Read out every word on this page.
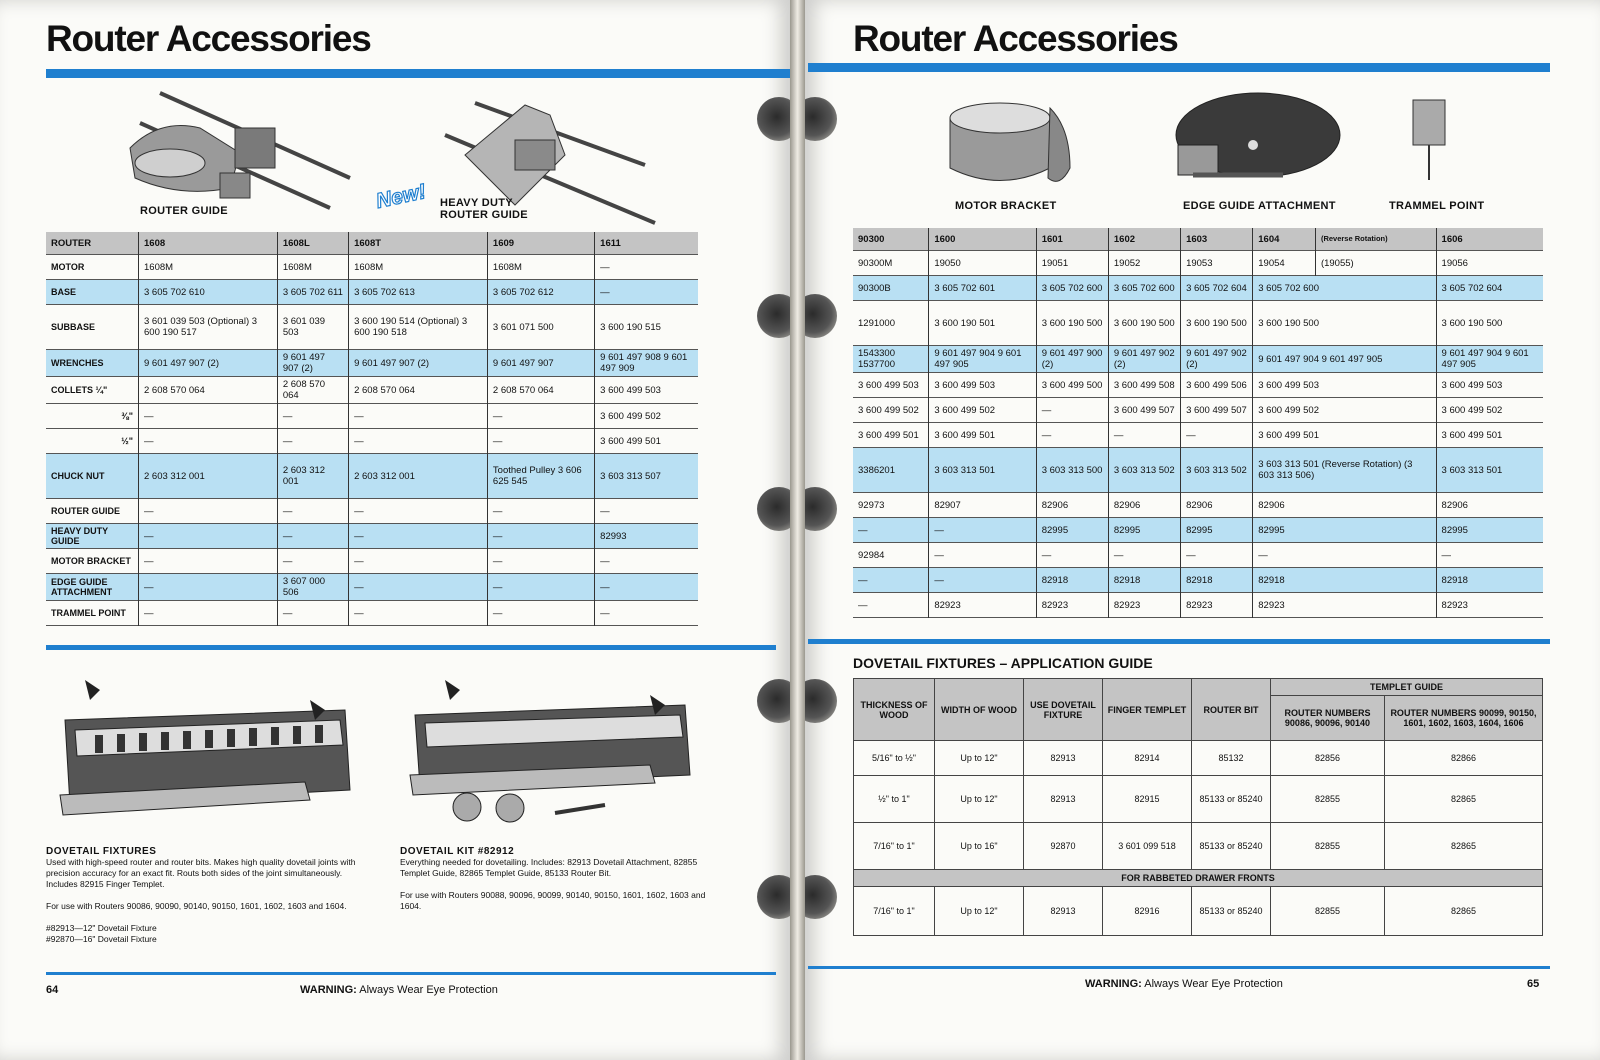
Router Accessories
ROUTER GUIDE	New! HEAVY DUTY ROUTER GUIDE
ROUTER	1608	1608L	1608T	1609	1611
MOTOR	1608M	1608M	1608M	1608M	—
BASE	3 605 702 610	3 605 702 611	3 605 702 613	3 605 702 612	—
SUBBASE	3 601 039 503 (Optional) 3 600 190 517	3 601 039 503	3 600 190 514 (Optional) 3 600 190 518	3 601 071 500	3 600 190 515
WRENCHES	9 601 497 907 (2)	9 601 497 907 (2)	9 601 497 907 (2)	9 601 497 907	9 601 497 908 9 601 497 909
COLLETS ¼"	2 608 570 064	2 608 570 064	2 608 570 064	2 608 570 064	3 600 499 503
⅜"	—	—	—	—	3 600 499 502
½"	—	—	—	—	3 600 499 501
CHUCK NUT	2 603 312 001	2 603 312 001	2 603 312 001	Toothed Pulley 3 606 625 545	3 603 313 507
ROUTER GUIDE	—	—	—	—	—
HEAVY DUTY GUIDE	—	—	—	—	82993
MOTOR BRACKET	—	—	—	—	—
EDGE GUIDE ATTACHMENT	—	3 607 000 506	—	—	—
TRAMMEL POINT	—	—	—	—	—
DOVETAIL FIXTURES
Used with high-speed router and router bits. Makes high quality dovetail joints with precision accuracy for an exact fit. Routs both sides of the joint simultaneously. Includes 82915 Finger Templet.

For use with Routers 90086, 90090, 90140, 90150, 1601, 1602, 1603 and 1604.

#82913—12" Dovetail Fixture
#92870—16" Dovetail Fixture
DOVETAIL KIT #82912
Everything needed for dovetailing. Includes: 82913 Dovetail Attachment, 82855 Templet Guide, 82865 Templet Guide, 85133 Router Bit.

For use with Routers 90088, 90096, 90099, 90140, 90150, 1601, 1602, 1603 and 1604.
64	WARNING: Always Wear Eye Protection
Router Accessories
MOTOR BRACKET	EDGE GUIDE ATTACHMENT	TRAMMEL POINT
90300	1600	1601	1602	1603	1604	(Reverse Rotation)	1606
90300M	19050	19051	19052	19053	19054	(19055)	19056
90300B	3 605 702 601	3 605 702 600	3 605 702 600	3 605 702 604	3 605 702 600		3 605 702 604
1291000	3 600 190 501	3 600 190 500	3 600 190 500	3 600 190 500	3 600 190 500		3 600 190 500
1543300 1537700	9 601 497 904 9 601 497 905	9 601 497 900 (2)	9 601 497 902 (2)	9 601 497 902 (2)	9 601 497 904 9 601 497 905		9 601 497 904 9 601 497 905
3 600 499 503	3 600 499 503	3 600 499 500	3 600 499 508	3 600 499 506	3 600 499 503		3 600 499 503
3 600 499 502	3 600 499 502	—	3 600 499 507	3 600 499 507	3 600 499 502		3 600 499 502
3 600 499 501	3 600 499 501	—	—	—	3 600 499 501		3 600 499 501
3386201	3 603 313 501	3 603 313 500	3 603 313 502	3 603 313 502	3 603 313 501 (Reverse Rotation) (3 603 313 506)		3 603 313 501
92973	82907	82906	82906	82906	82906		82906
—	—	82995	82995	82995	82995		82995
92984	—	—	—	—	—		—
—	—	82918	82918	82918	82918		82918
—	82923	82923	82923	82923	82923		82923
DOVETAIL FIXTURES – APPLICATION GUIDE
THICKNESS OF WOOD	WIDTH OF WOOD	USE DOVETAIL FIXTURE	FINGER TEMPLET	ROUTER BIT	TEMPLET GUIDE	
					ROUTER NUMBERS 90086, 90096, 90140	ROUTER NUMBERS 90099, 90150, 1601, 1602, 1603, 1604, 1606
5/16" to ½"	Up to 12"	82913	82914	85132	82856	82866
½" to 1"	Up to 12"	82913	82915	85133 or 85240	82855	82865
7/16" to 1"	Up to 16"	92870	3 601 099 518	85133 or 85240	82855	82865
FOR RABBETED DRAWER FRONTS						
7/16" to 1"	Up to 12"	82913	82916	85133 or 85240	82855	82865
WARNING: Always Wear Eye Protection	65
